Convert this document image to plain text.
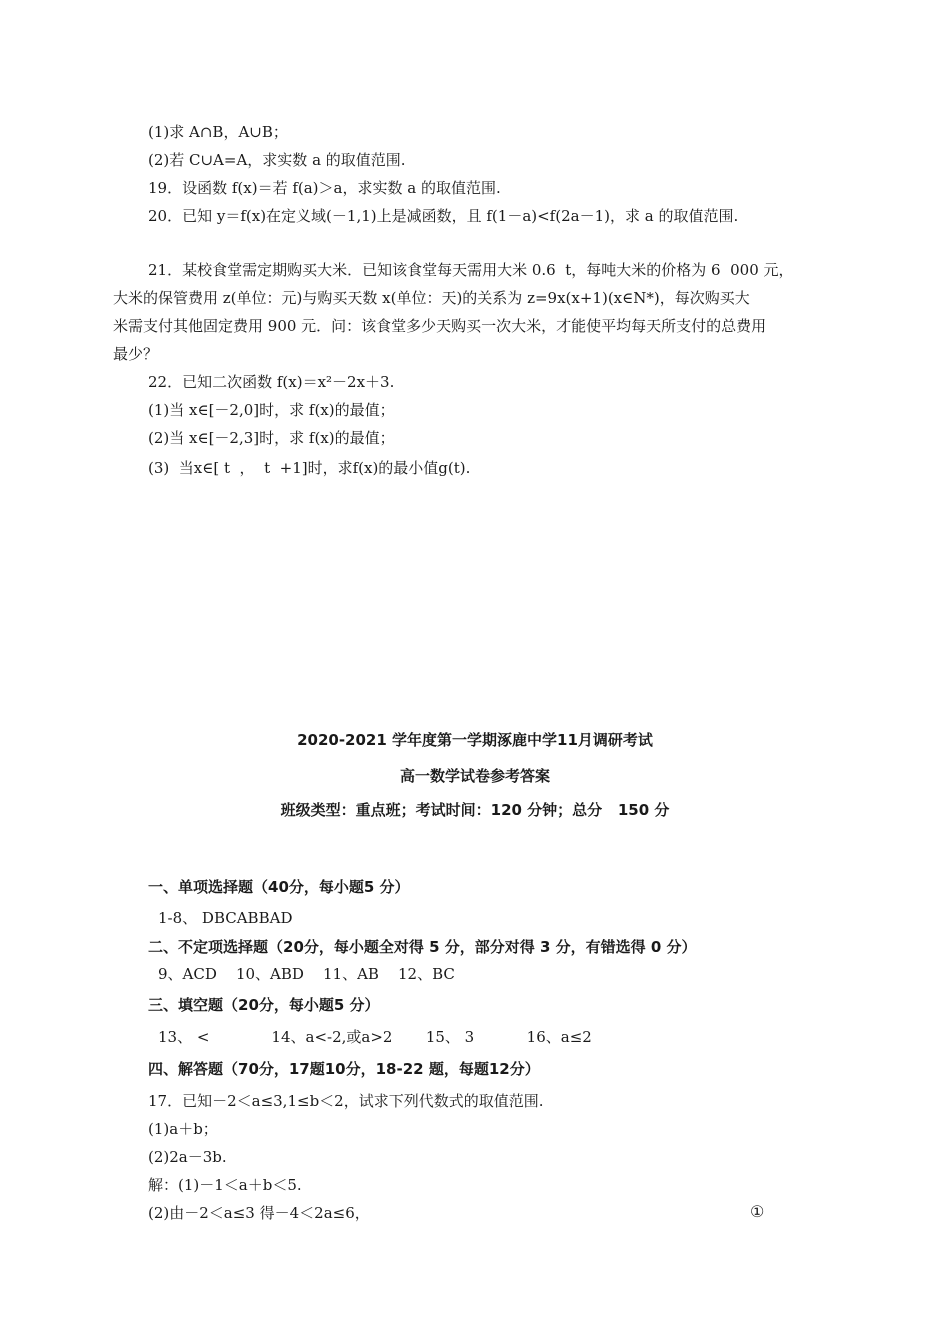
(1)求 A∩B，A∪B；
(2)若 C∪A=A，求实数 a 的取值范围.
19．设函数 f(x)＝若 f(a)＞a，求实数 a 的取值范围.
20．已知 y＝f(x)在定义域(－1,1)上是减函数，且 f(1－a)<f(2a－1)，求 a 的取值范围.
21．某校食堂需定期购买大米．已知该食堂每天需用大米 0.6  t，每吨大米的价格为 6  000 元，
大米的保管费用 z(单位：元)与购买天数 x(单位：天)的关系为 z=9x(x+1)(x∈N*)，每次购买大
米需支付其他固定费用 900 元．问：该食堂多少天购买一次大米，才能使平均每天所支付的总费用
最少？
22．已知二次函数 f(x)＝x²－2x＋3.
(1)当 x∈[－2,0]时，求 f(x)的最值；
(2)当 x∈[－2,3]时，求 f(x)的最值；
(3)  当x∈[ t  ，  t  +1]时，求f(x)的最小值g(t).
2020-2021 学年度第一学期涿鹿中学11月调研考试
高一数学试卷参考答案
班级类型：重点班；考试时间：120 分钟；总分   150 分
一、单项选择题（40分，每小题5 分）
1-8、 DBCABBAD
二、不定项选择题（20分，每小题全对得 5 分，部分对得 3 分，有错选得 0 分）
9、ACD    10、ABD    11、AB    12、BC
三、填空题（20分，每小题5 分）
13、 <             14、a<-2,或a>2       15、 3           16、a≤2
四、解答题（70分，17题10分，18-22 题，每题12分）
17．已知－2＜a≤3,1≤b＜2，试求下列代数式的取值范围.
(1)a＋b；
(2)2a－3b.
解：(1)－1＜a＋b＜5.
(2)由－2＜a≤3 得－4＜2a≤6，	①
